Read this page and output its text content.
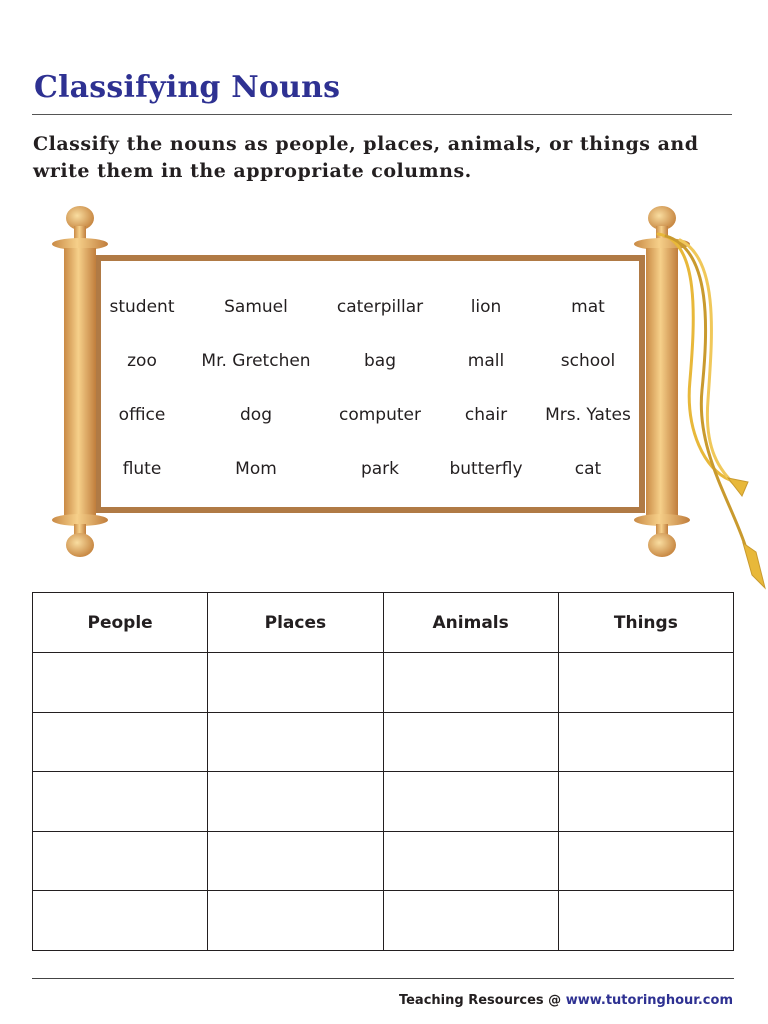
Classifying Nouns
Classify the nouns as people, places, animals, or things and write them in the appropriate columns.
student	Samuel	caterpillar	lion	mat
zoo	Mr. Gretchen	bag	mall	school
office	dog	computer	chair	Mrs. Yates
flute	Mom	park	butterfly	cat
People	Places	Animals	Things

Teaching Resources @ www.tutoringhour.com
